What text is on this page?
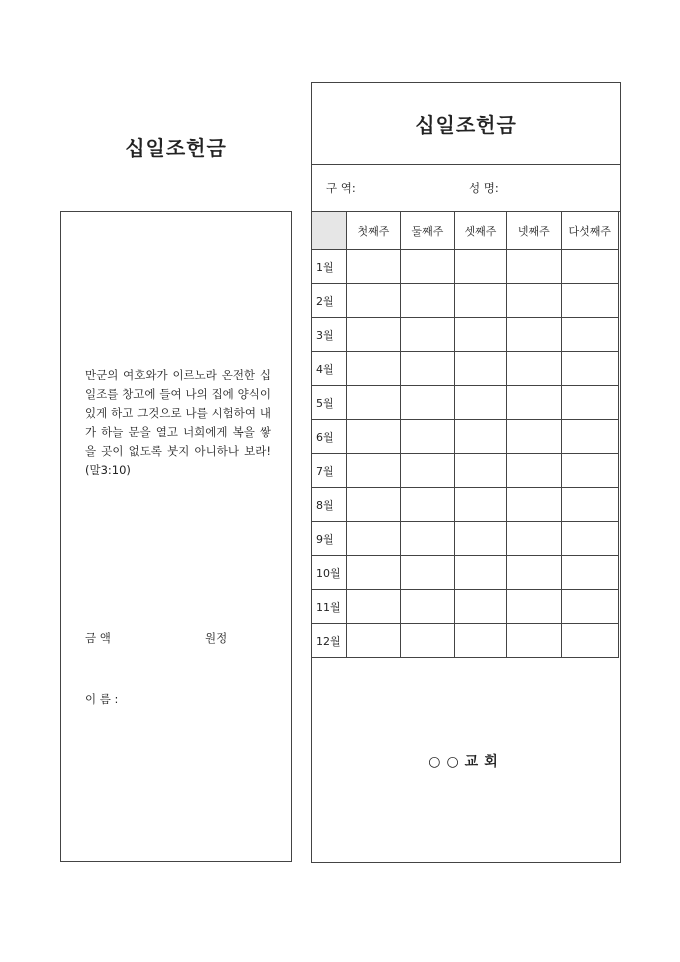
십일조헌금
만군의 여호와가 이르노라 온전한 십일조를 창고에 들여 나의 집에 양식이 있게 하고 그것으로 나를 시험하여 내가 하늘 문을 열고 너희에게 복을 쌓을 곳이 없도록 붓지 아니하나 보라! (말3:10)
금 액	원정
이 름 :
십일조헌금
구 역:	성 명:
	첫째주	둘째주	셋째주	넷째주	다섯째주
1월					
2월					
3월					
4월					
5월					
6월					
7월					
8월					
9월					
10월					
11월					
12월					
○○교회
